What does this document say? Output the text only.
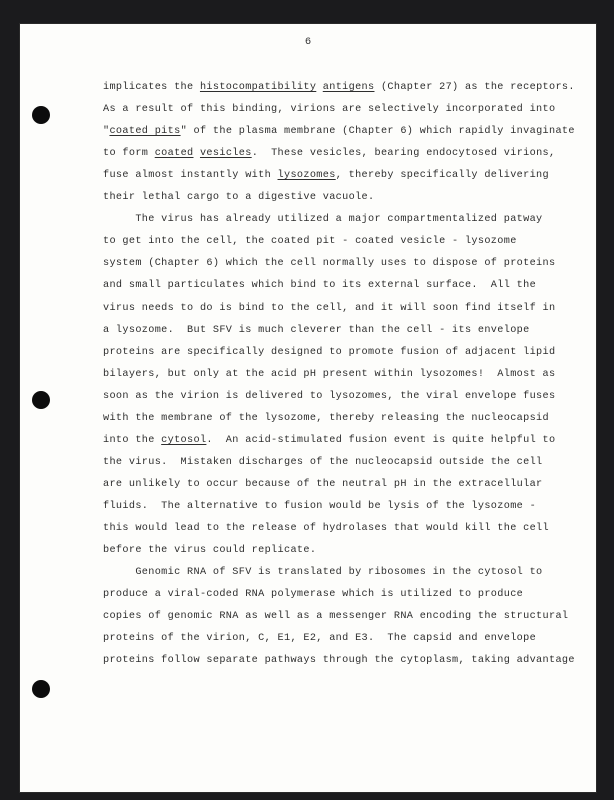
6
implicates the histocompatibility antigens (Chapter 27) as the receptors.
As a result of this binding, virions are selectively incorporated into
"coated pits" of the plasma membrane (Chapter 6) which rapidly invaginate
to form coated vesicles.  These vesicles, bearing endocytosed virions,
fuse almost instantly with lysozomes, thereby specifically delivering
their lethal cargo to a digestive vacuole.
The virus has already utilized a major compartmentalized patway
to get into the cell, the coated pit - coated vesicle - lysozome
system (Chapter 6) which the cell normally uses to dispose of proteins
and small particulates which bind to its external surface.  All the
virus needs to do is bind to the cell, and it will soon find itself in
a lysozome.  But SFV is much cleverer than the cell - its envelope
proteins are specifically designed to promote fusion of adjacent lipid
bilayers, but only at the acid pH present within lysozomes!  Almost as
soon as the virion is delivered to lysozomes, the viral envelope fuses
with the membrane of the lysozome, thereby releasing the nucleocapsid
into the cytosol.  An acid-stimulated fusion event is quite helpful to
the virus.  Mistaken discharges of the nucleocapsid outside the cell
are unlikely to occur because of the neutral pH in the extracellular
fluids.  The alternative to fusion would be lysis of the lysozome -
this would lead to the release of hydrolases that would kill the cell
before the virus could replicate.
Genomic RNA of SFV is translated by ribosomes in the cytosol to
produce a viral-coded RNA polymerase which is utilized to produce
copies of genomic RNA as well as a messenger RNA encoding the structural
proteins of the virion, C, E1, E2, and E3.  The capsid and envelope
proteins follow separate pathways through the cytoplasm, taking advantage
